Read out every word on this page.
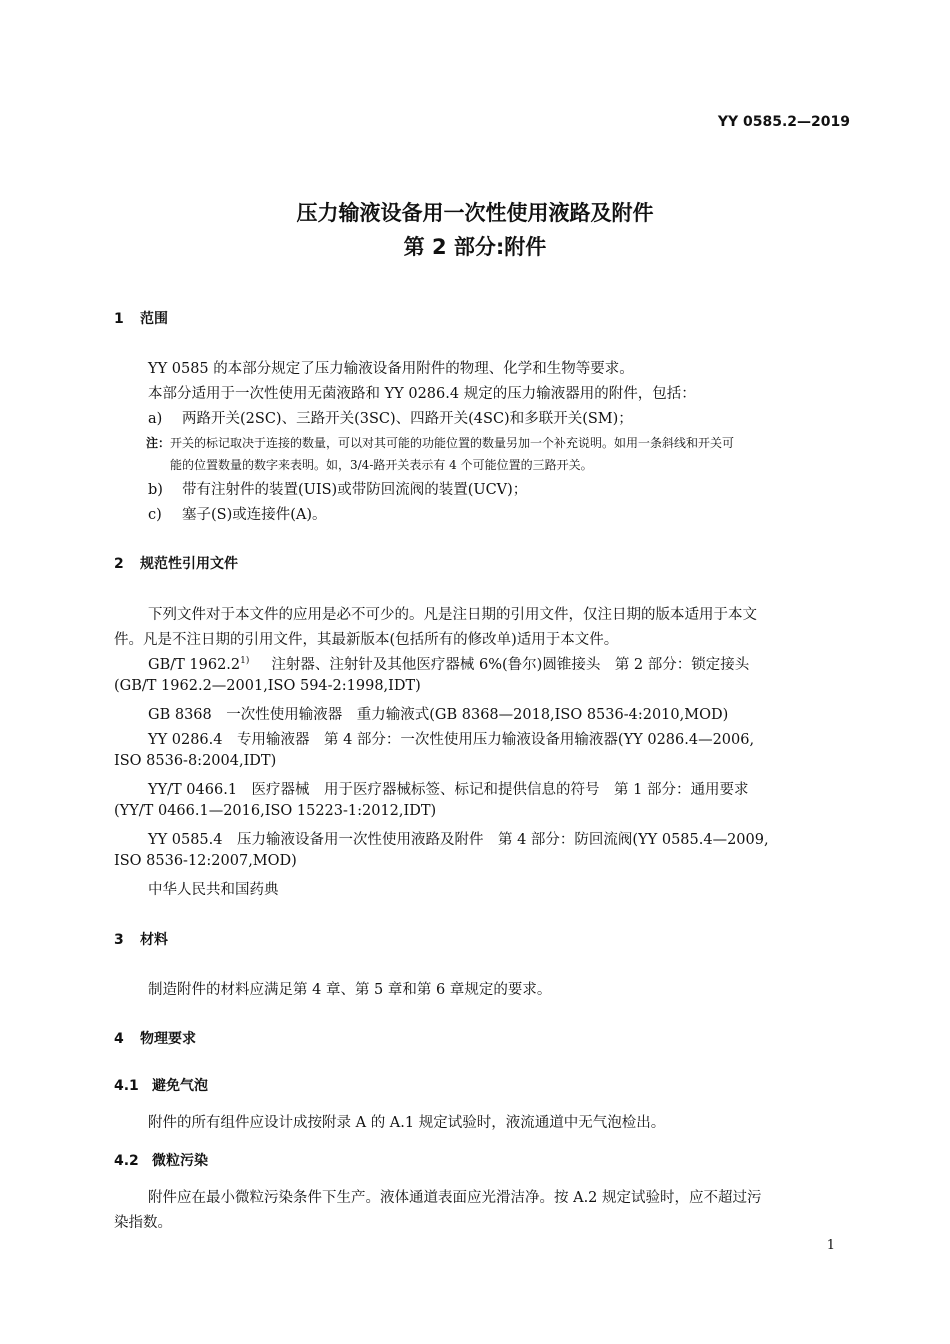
YY 0585.2—2019
压力输液设备用一次性使用液路及附件
第 2 部分:附件
1 范围
YY 0585 的本部分规定了压力输液设备用附件的物理、化学和生物等要求。
本部分适用于一次性使用无菌液路和 YY 0286.4 规定的压力输液器用的附件，包括：
a) 两路开关(2SC)、三路开关(3SC)、四路开关(4SC)和多联开关(SM)；
注：开关的标记取决于连接的数量，可以对其可能的功能位置的数量另加一个补充说明。如用一条斜线和开关可
能的位置数量的数字来表明。如，3/4-路开关表示有 4 个可能位置的三路开关。
b) 带有注射件的装置(UIS)或带防回流阀的装置(UCV)；
c) 塞子(S)或连接件(A)。
2 规范性引用文件
下列文件对于本文件的应用是必不可少的。凡是注日期的引用文件，仅注日期的版本适用于本文
件。凡是不注日期的引用文件，其最新版本(包括所有的修改单)适用于本文件。
GB/T 1962.2$^{1)}$ 注射器、注射针及其他医疗器械 6%(鲁尔)圆锥接头　第 2 部分：锁定接头
(GB/T 1962.2—2001,ISO 594-2:1998,IDT)
GB 8368　一次性使用输液器　重力输液式(GB 8368—2018,ISO 8536-4:2010,MOD)
YY 0286.4　专用输液器　第 4 部分：一次性使用压力输液设备用输液器(YY 0286.4—2006,
ISO 8536-8:2004,IDT)
YY/T 0466.1　医疗器械　用于医疗器械标签、标记和提供信息的符号　第 1 部分：通用要求
(YY/T 0466.1—2016,ISO 15223-1:2012,IDT)
YY 0585.4　压力输液设备用一次性使用液路及附件　第 4 部分：防回流阀(YY 0585.4—2009,
ISO 8536-12:2007,MOD)
中华人民共和国药典
3 材料
制造附件的材料应满足第 4 章、第 5 章和第 6 章规定的要求。
4 物理要求
4.1 避免气泡
附件的所有组件应设计成按附录 A 的 A.1 规定试验时，液流通道中无气泡检出。
4.2 微粒污染
附件应在最小微粒污染条件下生产。液体通道表面应光滑洁净。按 A.2 规定试验时，应不超过污
染指数。
1
